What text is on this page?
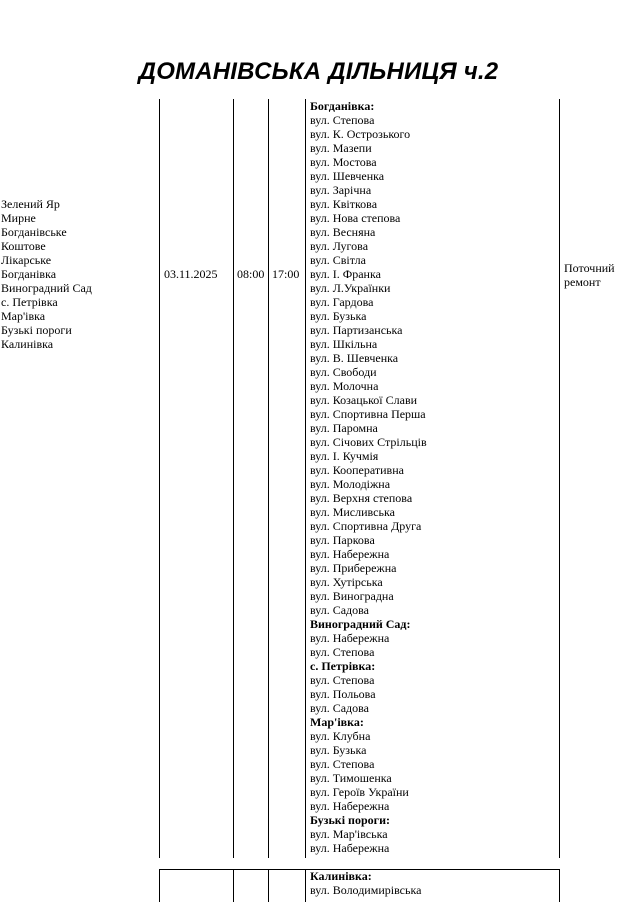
ДОМАНІВСЬКА ДІЛЬНИЦЯ ч.2
Зелений Яр
Мирне
Богданівське
Коштове
Лікарське
Богданівка
Виноградний Сад
с. Петрівка
Мар'івка
Бузькі пороги
Калинівка
03.11.2025 08:00 17:00
Богданівка:
вул. Степова
вул. К. Острозького
вул. Мазепи
вул. Мостова
вул. Шевченка
вул. Зарічна
вул. Квіткова
вул. Нова степова
вул. Весняна
вул. Лугова
вул. Світла
вул. І. Франка
вул. Л.Українки
вул. Гардова
вул. Бузька
вул. Партизанська
вул. Шкільна
вул. В. Шевченка
вул. Свободи
вул. Молочна
вул. Козацької Слави
вул. Спортивна Перша
вул. Паромна
вул. Січових Стрільців
вул. І. Кучмія
вул. Кооперативна
вул. Молодіжна
вул. Верхня степова
вул. Мисливська
вул. Спортивна Друга
вул. Паркова
вул. Набережна
вул. Прибережна
вул. Хутірська
вул. Виноградна
вул. Садова
Виноградний Сад:
вул. Набережна
вул. Степова
с. Петрівка:
вул. Степова
вул. Польова
вул. Садова
Мар'івка:
вул. Клубна
вул. Бузька
вул. Степова
вул. Тимошенка
вул. Героїв України
вул. Набережна
Бузькі пороги:
вул. Мар'івська
вул. Набережна
Поточний
ремонт
Калинівка:
вул. Володимирівська
